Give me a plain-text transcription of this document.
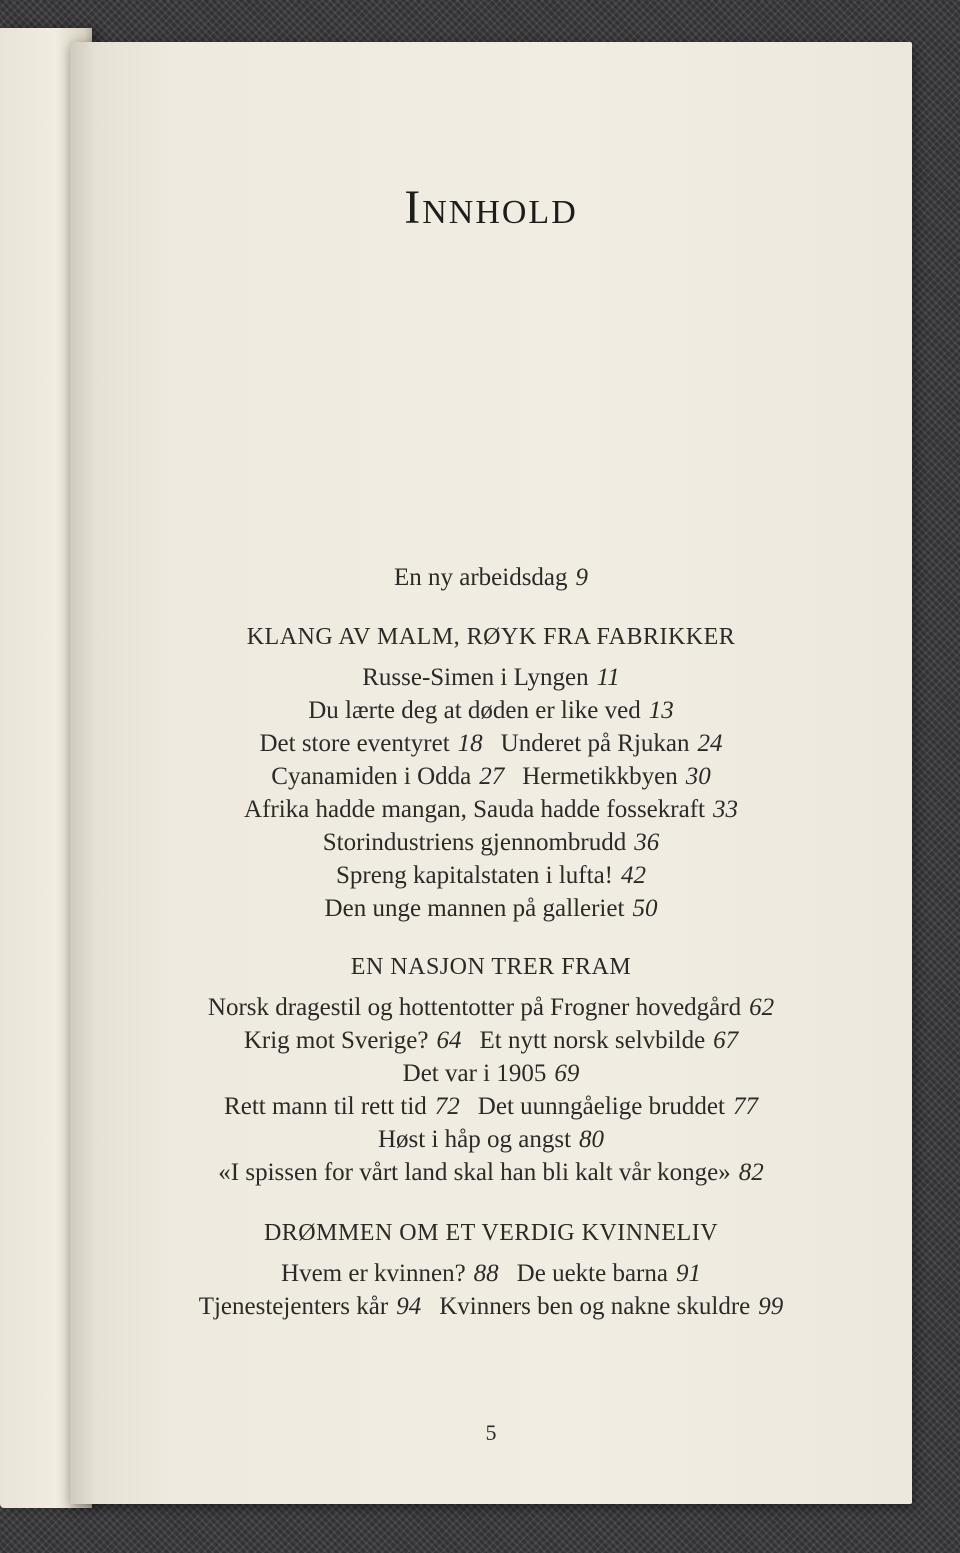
Innhold
En ny arbeidsdag 9
5
KLANG AV MALM, RØYK FRA FABRIKKER
Russe-Simen i Lyngen 11
Du lærte deg at døden er like ved 13
Det store eventyret 18 Underet på Rjukan 24
Cyanamiden i Odda 27 Hermetikkbyen 30
Afrika hadde mangan, Sauda hadde fossekraft 33
Storindustriens gjennombrudd 36
Spreng kapitalstaten i lufta! 42
Den unge mannen på galleriet 50
EN NASJON TRER FRAM
Norsk dragestil og hottentotter på Frogner hovedgård 62
Krig mot Sverige? 64 Et nytt norsk selvbilde 67
Det var i 1905 69
Rett mann til rett tid 72 Det uunngåelige bruddet 77
Høst i håp og angst 80
«I spissen for vårt land skal han bli kalt vår konge» 82
DRØMMEN OM ET VERDIG KVINNELIV
Hvem er kvinnen? 88 De uekte barna 91
Tjenestejenters kår 94 Kvinners ben og nakne skuldre 99
